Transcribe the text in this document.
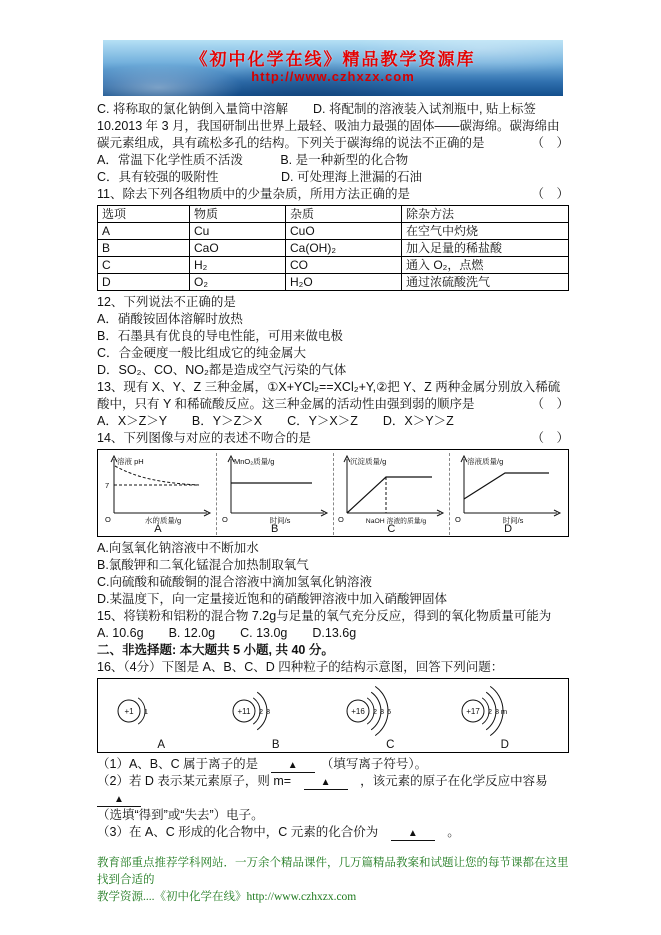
《初中化学在线》精品教学资源库
http://www.czhxzx.com
C. 将称取的氯化钠倒入量筒中溶解　　D. 将配制的溶液装入试剂瓶中, 贴上标签
10.2013 年 3 月，我国研制出世界上最轻、吸油力最强的固体——碳海绵。碳海绵由碳元素组成，具有疏松多孔的结构。下列关于碳海绵的说法不正确的是	（　）
A．常温下化学性质不活泼　　　B. 是一种新型的化合物
C．具有较强的吸附性　　　　　D. 可处理海上泄漏的石油
11、除去下列各组物质中的少量杂质，所用方法正确的是	（　）
选项	物质	杂质	除杂方法
A	Cu	CuO	在空气中灼烧
B	CaO	Ca(OH)₂	加入足量的稀盐酸
C	H₂	CO	通入 O₂，点燃
D	O₂	H₂O	通过浓硫酸洗气
12、下列说法不正确的是
A．硝酸铵固体溶解时放热
B．石墨具有优良的导电性能，可用来做电极
C．合金硬度一般比组成它的纯金属大
D．SO₂、CO、NO₂都是造成空气污染的气体
13、现有 X、Y、Z 三种金属，①X+YCl₂==XCl₂+Y,②把 Y、Z 两种金属分别放入稀硫酸中，只有 Y 和稀硫酸反应。这三种金属的活动性由强到弱的顺序是	（　）
A．X＞Z＞Y　　B．Y＞Z＞X　　C．Y＞X＞Z　　D．X＞Y＞Z
14、下列图像与对应的表述不吻合的是	（　）
溶液 pH
7
O	水的质量/g
A
MnO₂质量/g
O	时间/s
B
沉淀质量/g
O	NaOH 溶液的质量/g
C
溶液质量/g
O	时间/s
D
A.向氢氧化钠溶液中不断加水
B.氯酸钾和二氧化锰混合加热制取氧气
C.向硫酸和硫酸铜的混合溶液中滴加氢氧化钠溶液
D.某温度下，向一定量接近饱和的硝酸钾溶液中加入硝酸钾固体
15、将镁粉和铝粉的混合物 7.2g与足量的氧气充分反应，得到的氧化物质量可能为
A. 10.6g　　B. 12.0g　　C. 13.0g　　D.13.6g
二、非选择题: 本大题共 5 小题, 共 40 分。
16、（4分）下图是 A、B、C、D 四种粒子的结构示意图，回答下列问题：
+1 1
A
+11 2 8
B
+16 2 8 6
C
+17 2 8 m
D
（1）A、B、C 属于离子的是　▲　（填写离子符号）。
（2）若 D 表示某元素原子，则 m=　▲　，该元素的原子在化学反应中容易　▲
（选填“得到”或“失去”）电子。
（3）在 A、C 形成的化合物中，C 元素的化合价为　▲　。
教育部重点推荐学科网站．一万余个精品课件，几万篇精品教案和试题让您的每节课都在这里找到合适的
教学资源....《初中化学在线》http://www.czhxzx.com
